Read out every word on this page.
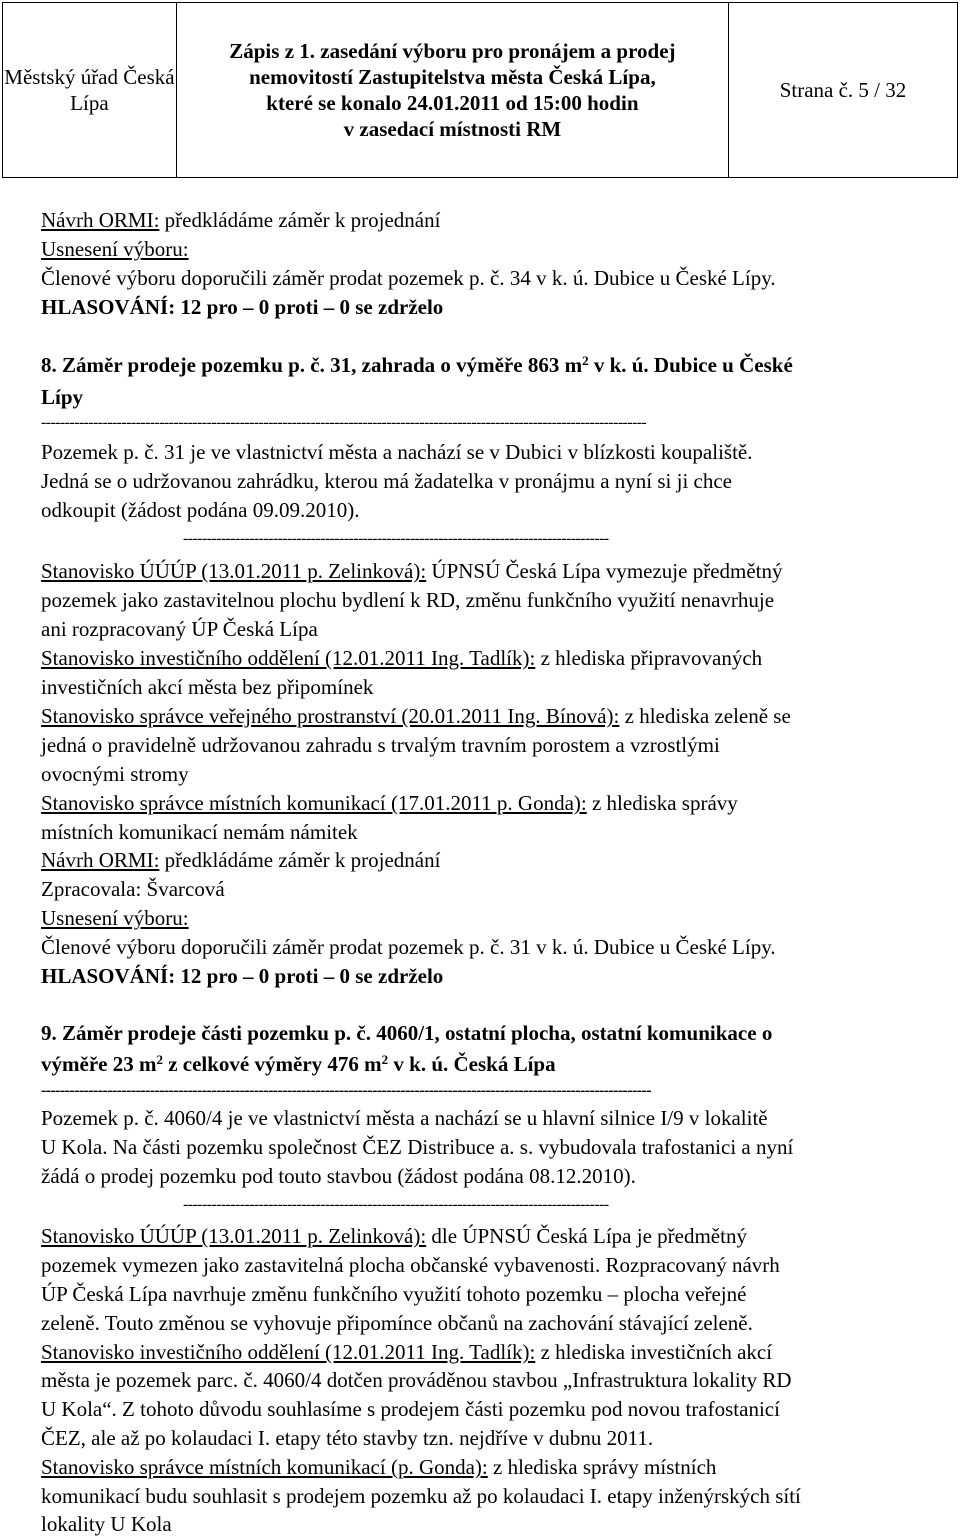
Městský úřad Česká Lípa	
Zápis z 1. zasedání výboru pro pronájem a prodej
nemovitostí Zastupitelstva města Česká Lípa,
které se konalo 24.01.2011 od 15:00 hodin
v zasedací místnosti RM
	Strana č. 5 / 32
Návrh ORMI: předkládáme záměr k projednání
Usnesení výboru:
Členové výboru doporučili záměr prodat pozemek p. č. 34 v k. ú. Dubice u České Lípy.
HLASOVÁNÍ: 12 pro – 0 proti – 0 se zdrželo
8. Záměr prodeje pozemku p. č. 31, zahrada o výměře 863 $m^2$ v k. ú. Dubice u České
Lípy
--------------------------------------------------------------------------------------------------------------------------------
Pozemek p. č. 31 je ve vlastnictví města a nachází se v Dubici v blízkosti koupaliště.
Jedná se o udržovanou zahrádku, kterou má žadatelka v pronájmu a nyní si ji chce
odkoupit (žádost podána 09.09.2010).
------------------------------------------------------------------------------------------
Stanovisko ÚÚÚP (13.01.2011 p. Zelinková): ÚPNSÚ Česká Lípa vymezuje předmětný
pozemek jako zastavitelnou plochu bydlení k RD, změnu funkčního využití nenavrhuje
ani rozpracovaný ÚP Česká Lípa
Stanovisko investičního oddělení (12.01.2011 Ing. Tadlík): z hlediska připravovaných
investičních akcí města bez připomínek
Stanovisko správce veřejného prostranství (20.01.2011 Ing. Bínová): z hlediska zeleně se
jedná o pravidelně udržovanou zahradu s trvalým travním porostem a vzrostlými
ovocnými stromy
Stanovisko správce místních komunikací (17.01.2011 p. Gonda): z hlediska správy
místních komunikací nemám námitek
Návrh ORMI: předkládáme záměr k projednání
Zpracovala: Švarcová
Usnesení výboru:
Členové výboru doporučili záměr prodat pozemek p. č. 31 v k. ú. Dubice u České Lípy.
HLASOVÁNÍ: 12 pro – 0 proti – 0 se zdrželo
9. Záměr prodeje části pozemku p. č. 4060/1, ostatní plocha, ostatní komunikace o
výměře 23 $m^2$ z celkové výměry 476 $m^2$ v k. ú. Česká Lípa
---------------------------------------------------------------------------------------------------------------------------------
Pozemek p. č. 4060/4 je ve vlastnictví města a nachází se u hlavní silnice I/9 v lokalitě
U Kola. Na části pozemku společnost ČEZ Distribuce a. s. vybudovala trafostanici a nyní
žádá o prodej pozemku pod touto stavbou (žádost podána 08.12.2010).
------------------------------------------------------------------------------------------
Stanovisko ÚÚÚP (13.01.2011 p. Zelinková): dle ÚPNSÚ Česká Lípa je předmětný
pozemek vymezen jako zastavitelná plocha občanské vybavenosti. Rozpracovaný návrh
ÚP Česká Lípa navrhuje změnu funkčního využití tohoto pozemku – plocha veřejné
zeleně. Touto změnou se vyhovuje připomínce občanů na zachování stávající zeleně.
Stanovisko investičního oddělení (12.01.2011 Ing. Tadlík): z hlediska investičních akcí
města je pozemek parc. č. 4060/4 dotčen prováděnou stavbou „Infrastruktura lokality RD
U Kola“. Z tohoto důvodu souhlasíme s prodejem části pozemku pod novou trafostanicí
ČEZ, ale až po kolaudaci I. etapy této stavby tzn. nejdříve v dubnu 2011.
Stanovisko správce místních komunikací (p. Gonda): z hlediska správy místních
komunikací budu souhlasit s prodejem pozemku až po kolaudaci I. etapy inženýrských sítí
lokality U Kola
